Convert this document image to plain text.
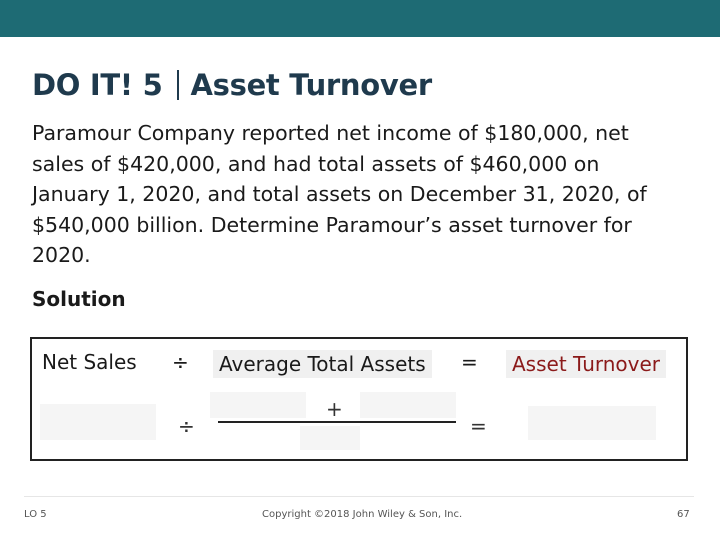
DO IT! 5 Asset Turnover

Paramour Company reported net income of $180,000, net sales of $420,000, and had total assets of $460,000 on January 1, 2020, and total assets on December 31, 2020, of $540,000 billion. Determine Paramour’s asset turnover for 2020.

Solution
Net Sales ÷	Average Total Assets	=	Asset Turnover
÷
+
=
LO 5	Copyright ©2018 John Wiley & Son, Inc.	67
